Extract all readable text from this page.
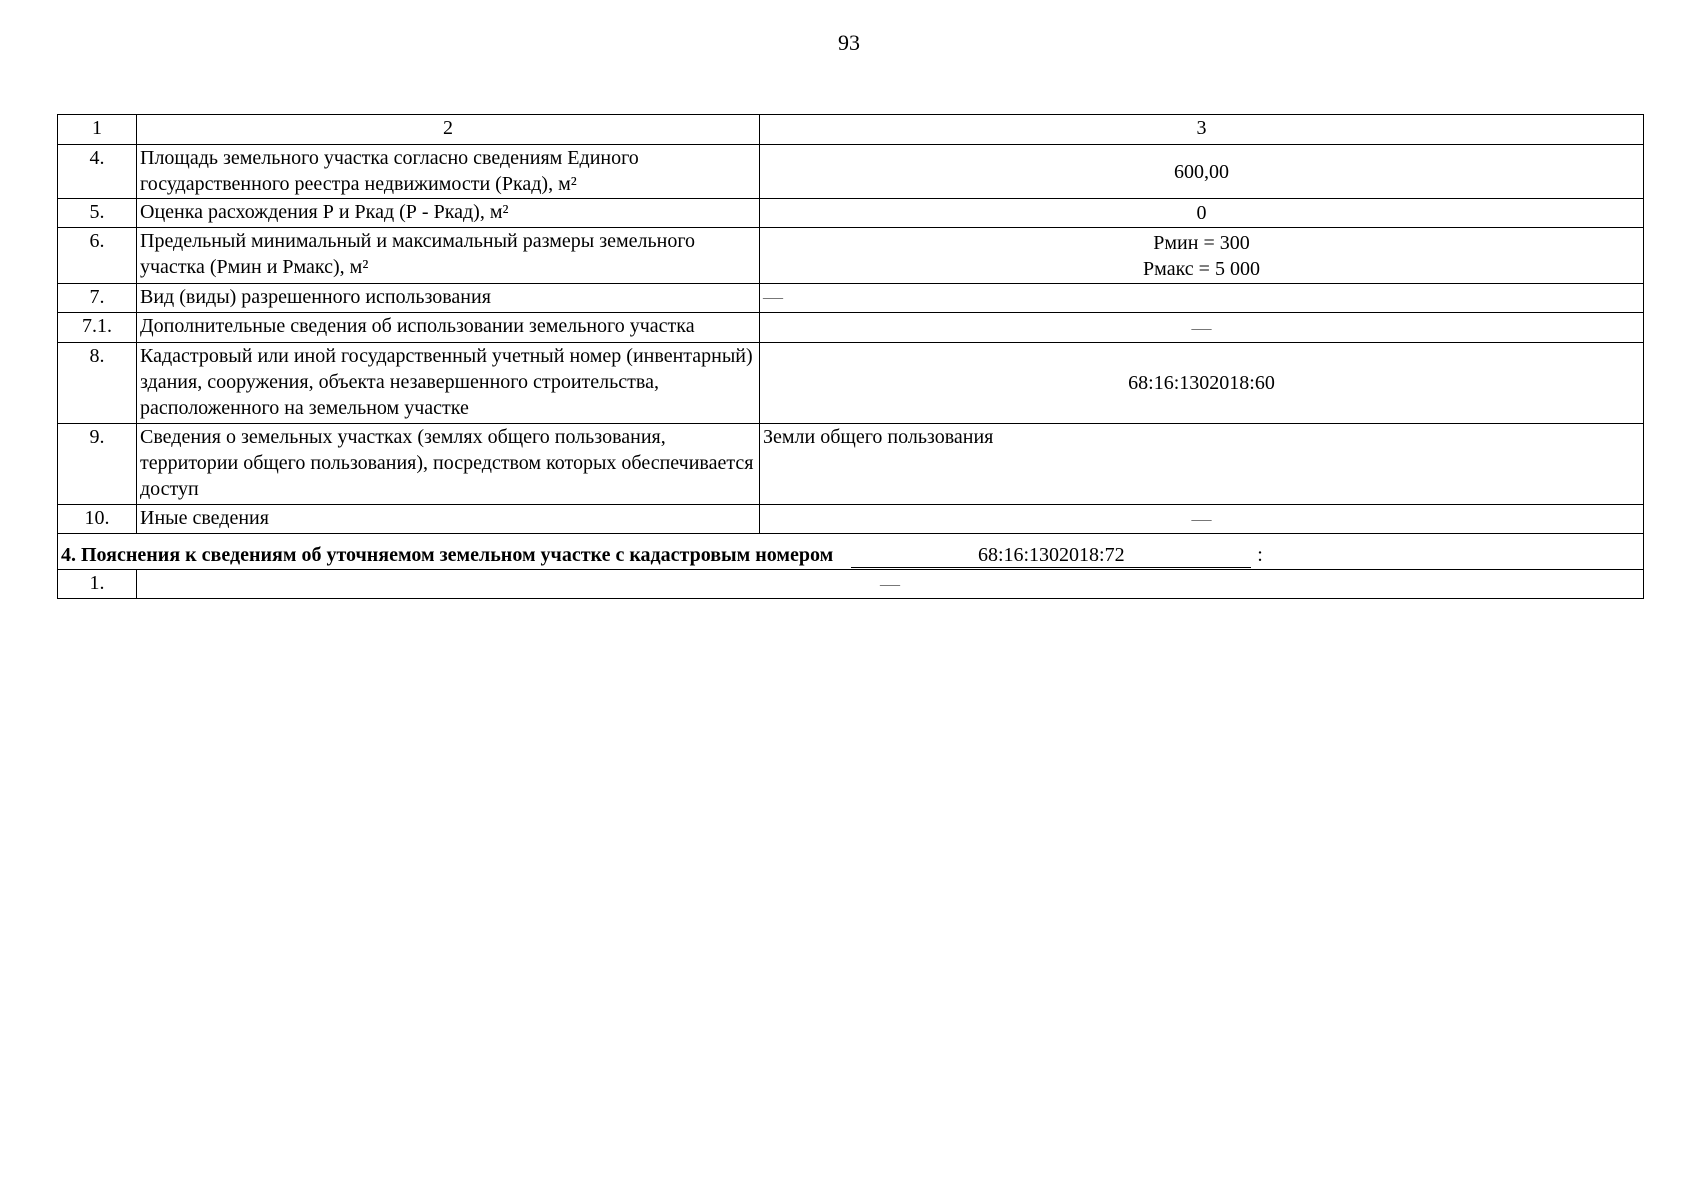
93
1	2	3
4.	Площадь земельного участка согласно сведениям Единого государственного реестра недвижимости (Ркад), м²	600,00
5.	Оценка расхождения Р и Ркад (Р - Ркад), м²	0
6.	Предельный минимальный и максимальный размеры земельного участка (Рмин и Рмакс), м²	Рмин = 300
Рмакс = 5 000

7.	Вид (виды) разрешенного использования	—
7.1.	Дополнительные сведения об использовании земельного участка	—
8.	Кадастровый или иной государственный учетный номер (инвентарный) здания, сооружения, объекта незавершенного строительства, расположенного на земельном участке	68:16:1302018:60
9.	Сведения о земельных участках (землях общего пользования, территории общего пользования), посредством которых обеспечивается доступ	Земли общего пользования
10.	Иные сведения	—

4. Пояснения к сведениям об уточняемом земельном участке с кадастровым номером 68:16:1302018:72 :		

1.	—	
